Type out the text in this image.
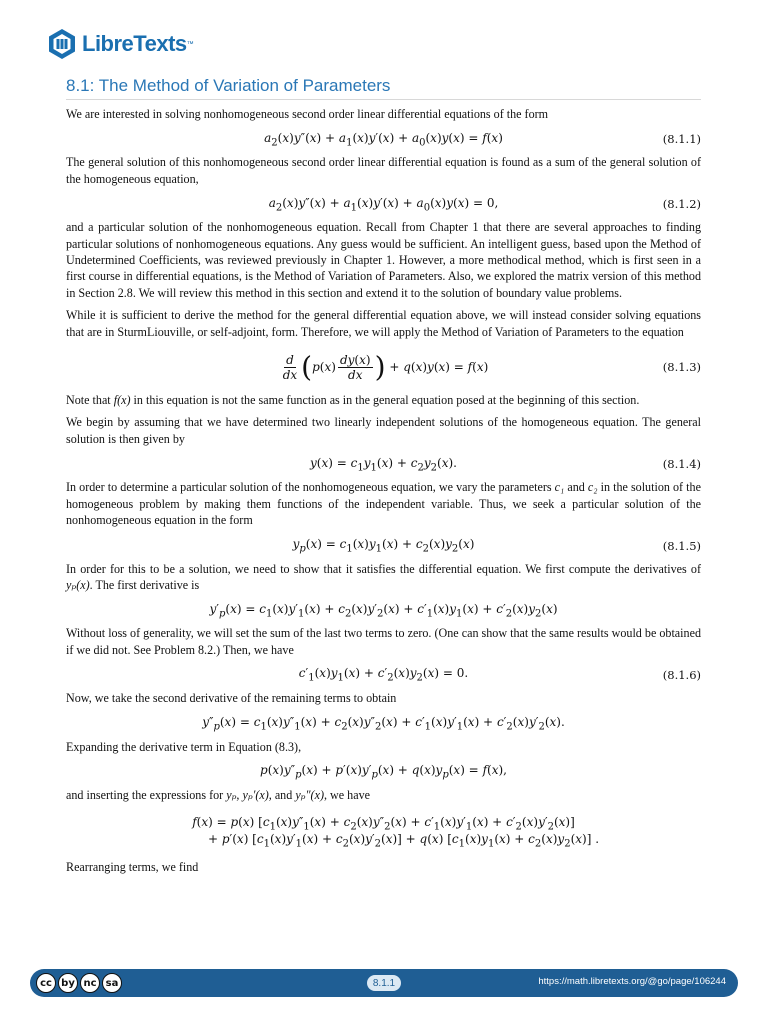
LibreTexts ™
8.1: The Method of Variation of Parameters

We are interested in solving nonhomogeneous second order linear differential equations of the form

$a_2(x)y''(x) + a_1(x)y'(x) + a_0(x)y(x) = f(x)$	(8.1.1)

The general solution of this nonhomogeneous second order linear differential equation is found as a sum of the general solution of the homogeneous equation,

$a_2(x)y''(x) + a_1(x)y'(x) + a_0(x)y(x) = 0$,	(8.1.2)

and a particular solution of the nonhomogeneous equation. Recall from Chapter 1 that there are several approaches to finding particular solutions of nonhomogeneous equations. Any guess would be sufficient. An intelligent guess, based upon the Method of Undetermined Coefficients, was reviewed previously in Chapter 1. However, a more methodical method, which is first seen in a first course in differential equations, is the Method of Variation of Parameters. Also, we explored the matrix version of this method in Section 2.8. We will review this method in this section and extend it to the solution of boundary value problems.

While it is sufficient to derive the method for the general differential equation above, we will instead consider solving equations that are in SturmLiouville, or self-adjoint, form. Therefore, we will apply the Method of Variation of Parameters to the equation

$\frac{d}{dx} (p(x) \frac{dy(x)}{dx}$ ) + q(x)y(x) = f(x)	(8.1.3)

Note that f(x) in this equation is not the same function as in the general equation posed at the beginning of this section.

We begin by assuming that we have determined two linearly independent solutions of the homogeneous equation. The general solution is then given by

$y(x) = c_1y_1(x) + c_2y_2(x)$.	(8.1.4)

In order to determine a particular solution of the nonhomogeneous equation, we vary the parameters c₁ and c₂ in the solution of the homogeneous problem by making them functions of the independent variable. Thus, we seek a particular solution of the nonhomogeneous equation in the form

$y_p(x) = c_1(x)y_1(x) + c_2(x)y_2(x)$	(8.1.5)

In order for this to be a solution, we need to show that it satisfies the differential equation. We first compute the derivatives of yₚ(x). The first derivative is

$y'_p(x) = c_1(x)y'_1(x) + c_2(x)y'_2(x) + c'_1(x)y_1(x) + c'_2(x)y_2(x)$

Without loss of generality, we will set the sum of the last two terms to zero. (One can show that the same results would be obtained if we did not. See Problem 8.2.) Then, we have

$c'_1(x)y_1(x) + c'_2(x)y_2(x) = 0$.	(8.1.6)

Now, we take the second derivative of the remaining terms to obtain

$y''_p(x) = c_1(x)y''_1(x) + c_2(x)y''_2(x) + c'_1(x)y'_1(x) + c'_2(x)y'_2(x)$.

Expanding the derivative term in Equation (8.3),

$p(x)y''_p(x) + p'(x)y'_p(x) + q(x)y_p(x) = f(x)$,

and inserting the expressions for yₚ, yₚ′(x), and yₚ″(x), we have

f(x) = p(x) $[c_1(x)y''_1(x) + c_2(x)y''_2(x) + c'_1(x)y'_1(x) + c'_2(x)y'_2(x)]$
+ p′(x) $[c_1(x)y'_1(x) + c_2(x)y'_2(x)] + q(x) [c_1(x)y_1(x) + c_2(x)y_2(x)]$ .

Rearranging terms, we find

cc by nc sa	8.1.1	https://math.libretexts.org/@go/page/106244
